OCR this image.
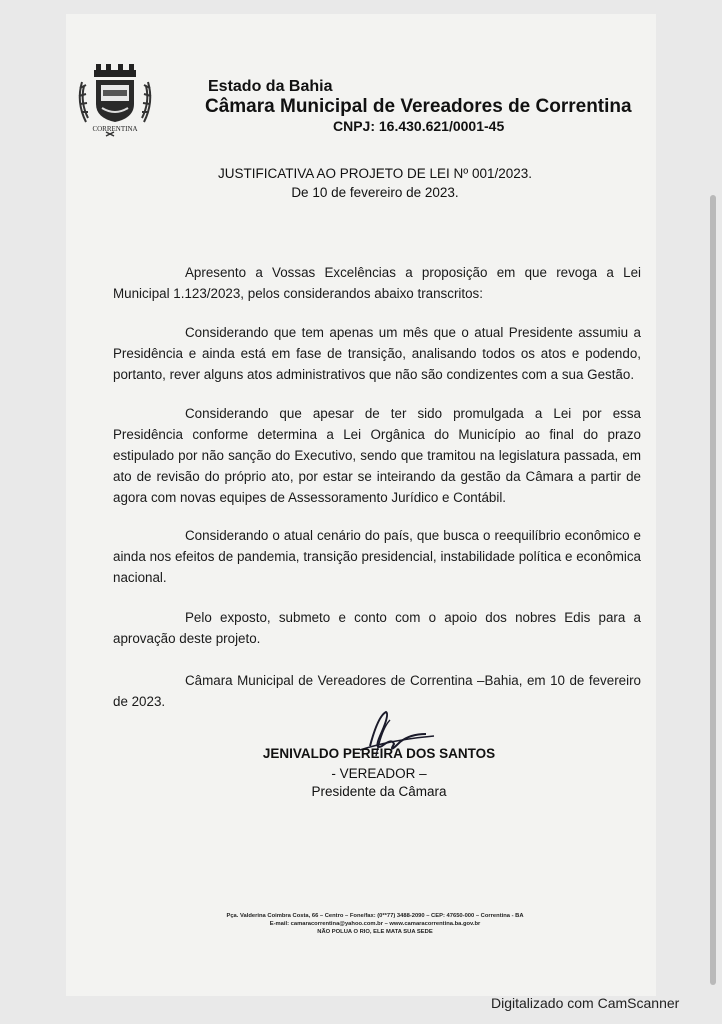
CORRENTINA
Estado da Bahia
Câmara Municipal de Vereadores de Correntina
CNPJ: 16.430.621/0001-45
JUSTIFICATIVA AO PROJETO DE LEI Nº 001/2023.
De 10 de fevereiro de 2023.
Apresento a Vossas Excelências a proposição em que revoga a Lei Municipal 1.123/2023, pelos considerandos abaixo transcritos:
Considerando que tem apenas um mês que o atual Presidente assumiu a Presidência e ainda está em fase de transição, analisando todos os atos e podendo, portanto, rever alguns atos administrativos que não são condizentes com a sua Gestão.
Considerando que apesar de ter sido promulgada a Lei por essa Presidência conforme determina a Lei Orgânica do Município ao final do prazo estipulado por não sanção do Executivo, sendo que tramitou na legislatura passada, em ato de revisão do próprio ato, por estar se inteirando da gestão da Câmara a partir de agora com novas equipes de Assessoramento Jurídico e Contábil.
Considerando o atual cenário do país, que busca o reequilíbrio econômico e ainda nos efeitos de pandemia, transição presidencial, instabilidade política e econômica nacional.
Pelo exposto, submeto e conto com o apoio dos nobres Edis para a aprovação deste projeto.
Câmara Municipal de Vereadores de Correntina –Bahia, em 10 de fevereiro de 2023.
JENIVALDO PEREIRA DOS SANTOS
- VEREADOR –
Presidente da Câmara
Pça. Valderina Coimbra Costa, 66 – Centro – Fone/fax: (0**77) 3488-2090 – CEP: 47650-000 – Correntina - BA
E-mail: camaracorrentina@yahoo.com.br – www.camaracorrentina.ba.gov.br
NÃO POLUA O RIO, ELE MATA SUA SEDE
Digitalizado com CamScanner
